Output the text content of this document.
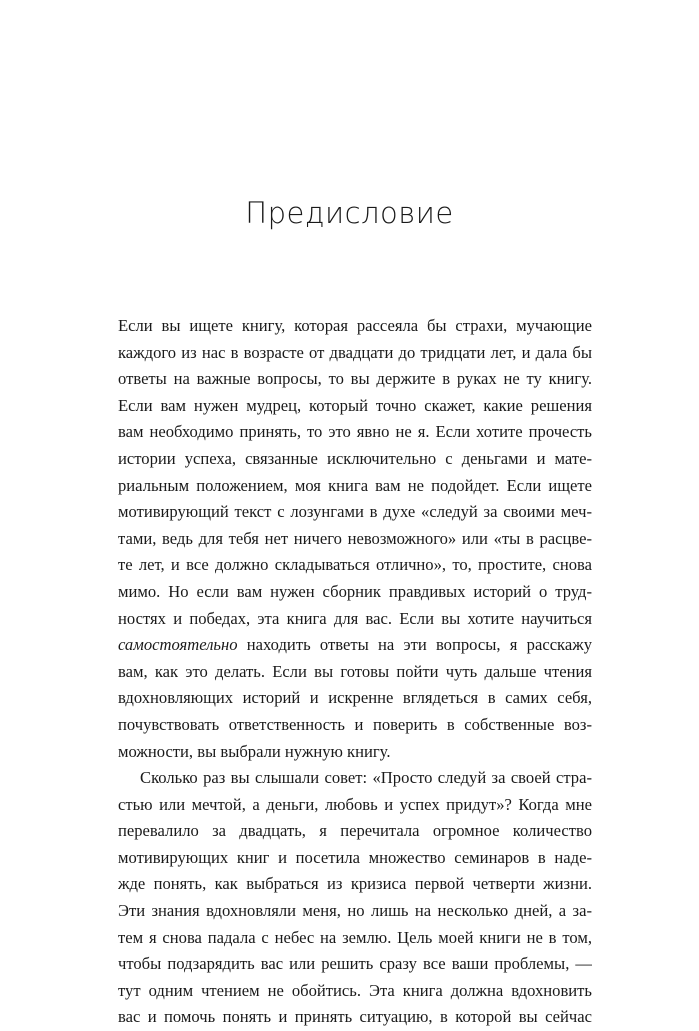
Предисловие
Если вы ищете книгу, которая рассеяла бы страхи, мучающие
каждого из нас в возрасте от двадцати до тридцати лет, и дала бы
ответы на важные вопросы, то вы держите в руках не ту книгу.
Если вам нужен мудрец, который точно скажет, какие решения
вам необходимо принять, то это явно не я. Если хотите прочесть
истории успеха, связанные исключительно с деньгами и мате-
риальным положением, моя книга вам не подойдет. Если ищете
мотивирующий текст с лозунгами в духе «следуй за своими меч-
тами, ведь для тебя нет ничего невозможного» или «ты в расцве-
те лет, и все должно складываться отлично», то, простите, снова
мимо. Но если вам нужен сборник правдивых историй о труд-
ностях и победах, эта книга для вас. Если вы хотите научиться
самостоятельно находить ответы на эти вопросы, я расскажу
вам, как это делать. Если вы готовы пойти чуть дальше чтения
вдохновляющих историй и искренне вглядеться в самих себя,
почувствовать ответственность и поверить в собственные воз-
можности, вы выбрали нужную книгу.
Сколько раз вы слышали совет: «Просто следуй за своей стра-
стью или мечтой, а деньги, любовь и успех придут»? Когда мне
перевалило за двадцать, я перечитала огромное количество
мотивирующих книг и посетила множество семинаров в наде-
жде понять, как выбраться из кризиса первой четверти жизни.
Эти знания вдохновляли меня, но лишь на несколько дней, а за-
тем я снова падала с небес на землю. Цель моей книги не в том,
чтобы подзарядить вас или решить сразу все ваши проблемы, —
тут одним чтением не обойтись. Эта книга должна вдохновить
вас и помочь понять и принять ситуацию, в которой вы сейчас
